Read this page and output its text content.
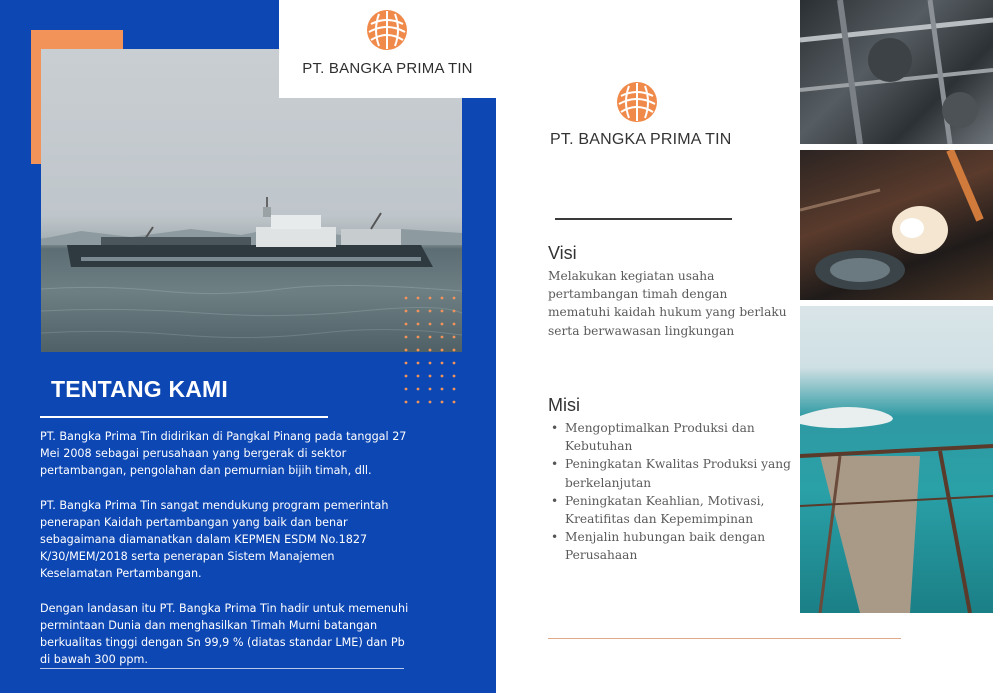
PT. BANGKA PRIMA TIN
TENTANG KAMI

PT. Bangka Prima Tin didirikan di Pangkal Pinang pada tanggal 27 Mei 2008 sebagai perusahaan yang bergerak di sektor pertambangan, pengolahan dan pemurnian bijih timah, dll.

PT. Bangka Prima Tin sangat mendukung program pemerintah penerapan Kaidah pertambangan yang baik dan benar sebagaimana diamanatkan dalam KEPMEN ESDM No.1827 K/30/MEM/2018 serta penerapan Sistem Manajemen Keselamatan Pertambangan.

Dengan landasan itu PT. Bangka Prima Tin hadir untuk memenuhi permintaan Dunia dan menghasilkan Timah Murni batangan berkualitas tinggi dengan Sn 99,9 % (diatas standar LME) dan Pb di bawah 300 ppm.

PT. BANGKA PRIMA TIN
Visi
Melakukan kegiatan usaha pertambangan timah dengan mematuhi kaidah hukum yang berlaku serta berwawasan lingkungan
Misi
• Mengoptimalkan Produksi dan Kebutuhan
• Peningkatan Kwalitas Produksi yang berkelanjutan
• Peningkatan Keahlian, Motivasi, Kreatifitas dan Kepemimpinan
• Menjalin hubungan baik dengan Perusahaan
